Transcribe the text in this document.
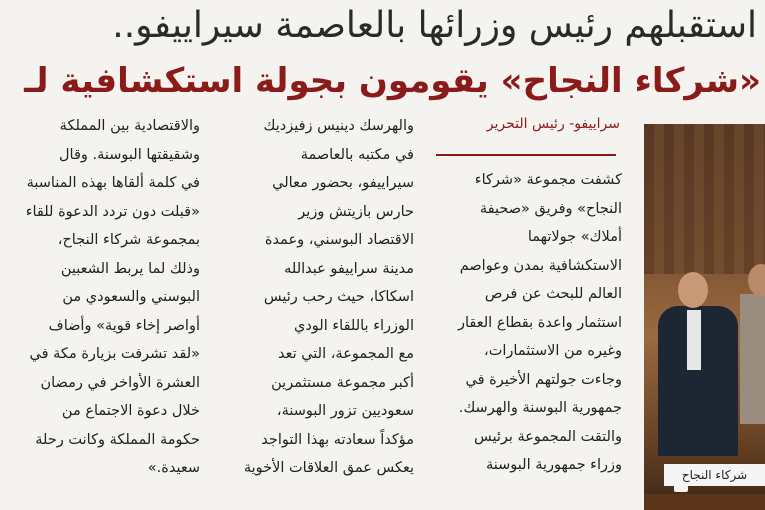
استقبلهم رئيس وزرائها بالعاصمة سيراييفو..
«شركاء النجاح» يقومون بجولة استكشافية لـ
سراييفو- رئيس التحرير
كشفت مجموعة «شركاء
النجاح» وفريق «صحيفة
أملاك» جولاتهما
الاستكشافية بمدن وعواصم
العالم للبحث عن فرص
استثمار واعدة بقطاع العقار
وغيره من الاستثمارات،
وجاءت جولتهم الأخيرة في
جمهورية البوسنة والهرسك.
والتقت المجموعة برئيس
وزراء جمهورية البوسنة
والهرسك دينيس زفيزديك
في مكتبه بالعاصمة
سيراييفو، بحضور معالي
حارس بازيتش وزير
الاقتصاد البوسني، وعمدة
مدينة سراييفو عبدالله
اسكاكا، حيث رحب رئيس
الوزراء باللقاء الودي
مع المجموعة، التي تعد
أكبر مجموعة مستثمرين
سعوديين تزور البوسنة،
مؤكداً سعادته بهذا التواجد
يعكس عمق العلاقات الأخوية
والاقتصادية بين المملكة
وشقيقتها البوسنة. وقال
في كلمة ألقاها بهذه المناسبة
«قبلت دون تردد الدعوة للقاء
بمجموعة شركاء النجاح،
وذلك لما يربط الشعبين
البوسني والسعودي من
أواصر إخاء قوية» وأضاف
«لقد تشرفت بزيارة مكة في
العشرة الأواخر في رمضان
خلال دعوة الاجتماع من
حكومة المملكة وكانت رحلة
سعيدة.»	شركاء النجاح
